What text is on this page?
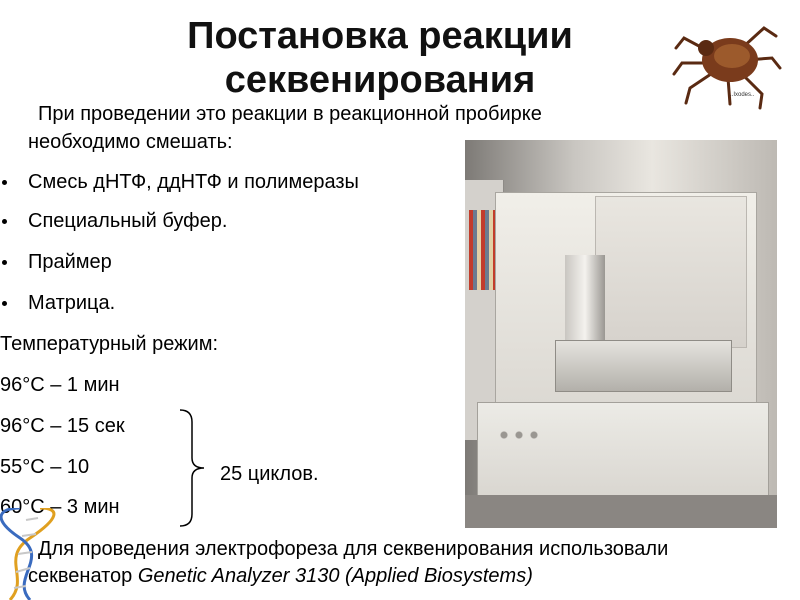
Постановка реакции
секвенирования	..Ixodes..
При проведении это реакции в реакционной пробирке
необходимо смешать:
Смесь дНТФ, ддНТФ и полимеразы
Специальный буфер.
Праймер
Матрица.
Температурный режим:
96°С – 1 мин
96°С – 15 сек
55°С – 10
60°С – 3 мин
25 циклов.
Для проведения электрофореза для секвенирования использовали
секвенатор Genetic Analyzer 3130 (Applied Biosystems)
